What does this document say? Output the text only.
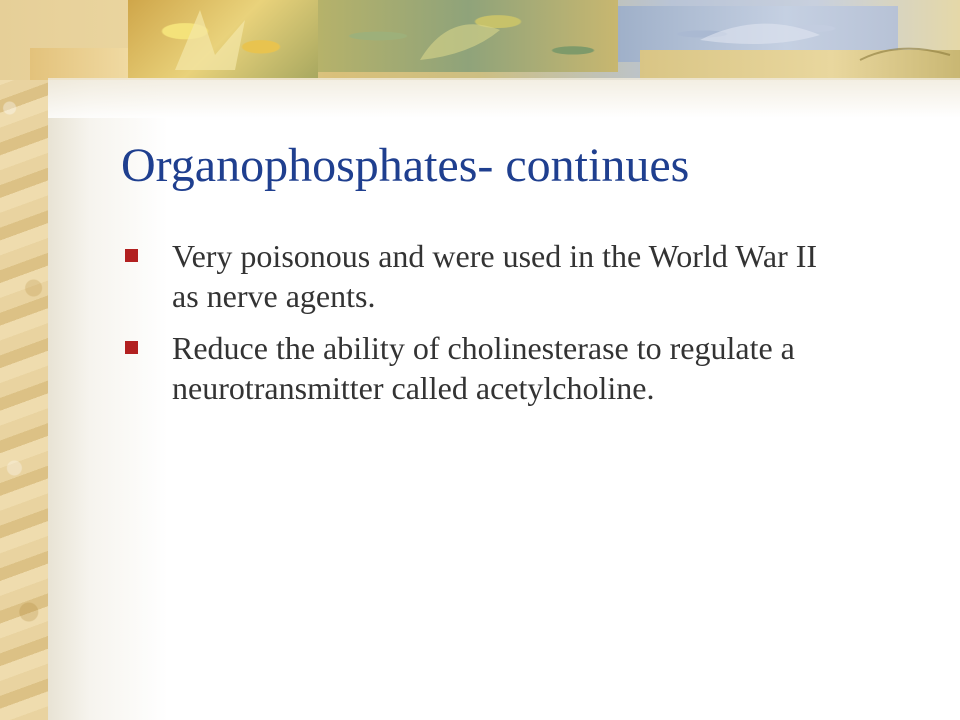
Organophosphates- continues
Very poisonous and were used in the World War II as nerve agents.
Reduce the ability of cholinesterase to regulate a neurotransmitter called acetylcholine.
